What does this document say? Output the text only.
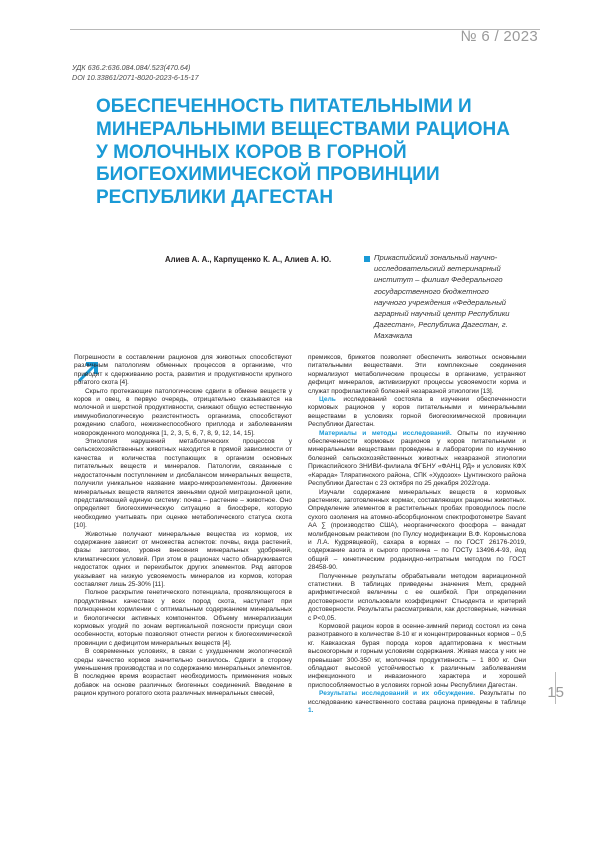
№ 6 / 2023
УДК 636.2:636.084.084/.523(470.64)
DOI 10.33861/2071-8020-2023-6-15-17
ОБЕСПЕЧЕННОСТЬ ПИТАТЕЛЬНЫМИ И МИНЕРАЛЬНЫМИ ВЕЩЕСТВАМИ РАЦИОНА У МОЛОЧНЫХ КОРОВ В ГОРНОЙ БИОГЕОХИМИЧЕСКОЙ ПРОВИНЦИИ РЕСПУБЛИКИ ДАГЕСТАН
Алиев А. А., Карпущенко К. А., Алиев А. Ю.	Прикаспийский зональный научно-исследовательский ветеринарный институт – филиал Федерального государственного бюджетного научного учреждения «Федеральный аграрный научный центр Республики Дагестан», Республика Дагестан, г. Махачкала

Погрешности в составлении рационов для животных способствуют различным патологиям обменных процессов в организме, что приводит к сдерживанию роста, развития и продуктивности крупного рогатого скота [4].

Скрыто протекающие патологические сдвиги в обмене веществ у коров и овец, в первую очередь, отрицательно сказываются на молочной и шерстной продуктивности, снижают общую естественную иммунобиологическую резистентность организма, способствуют рождению слабого, нежизнеспособного приплода и заболеваниям новорожденного молодняка [1, 2, 3, 5, 6, 7, 8, 9, 12, 14, 15].

Этиология нарушений метаболических процессов у сельскохозяйственных животных находится в прямой зависимости от качества и количества поступающих в организм основных питательных веществ и минералов. Патологии, связанные с недостаточным поступлением и дисбалансом минеральных веществ, получили уникальное название макро-микроэлементозы. Движение минеральных веществ является звеньями одной миграционной цепи, представляющей единую систему: почва – растение – животное. Оно определяет биогеохимическую ситуацию в биосфере, которую необходимо учитывать при оценке метаболического статуса скота [10].

Животные получают минеральные вещества из кормов, их содержание зависит от множества аспектов: почвы, вида растений, фазы заготовки, уровня внесения минеральных удобрений, климатических условий. При этом в рационах часто обнаруживается недостаток одних и переизбыток других элементов. Ряд авторов указывает на низкую усвояемость минералов из кормов, которая составляет лишь 25-30% [11].

Полное раскрытие генетического потенциала, проявляющегося в продуктивных качествах у всех пород скота, наступает при полноценном кормлении с оптимальным содержанием минеральных и биологически активных компонентов. Объему минерализации кормовых угодий по зонам вертикальной поясности присущи свои особенности, которые позволяют отнести регион к биогеохимической провинции с дефицитом минеральных веществ [4].

В современных условиях, в связи с ухудшением экологической среды качество кормов значительно снизилось. Сдвиги в сторону уменьшения производства и по содержанию минеральных элементов. В последнее время возрастает необходимость применения новых добавок на основе различных биогенных соединений. Введение в рацион крупного рогатого скота различных минеральных смесей,

премиксов, брикетов позволяет обеспечить животных основными питательными веществами. Эти комплексные соединения нормализуют метаболические процессы в организме, устраняют дефицит минералов, активизируют процессы усвояемости корма и служат профилактикой болезней незаразной этиологии [13].

Цель исследований состояла в изучении обеспеченности кормовых рационов у коров питательными и минеральными веществами в условиях горной биогеохимической провинции Республики Дагестан.

Материалы и методы исследований. Опыты по изучению обеспеченности кормовых рационов у коров питательными и минеральными веществами проведены в лаборатории по изучению болезней сельскохозяйственных животных незаразной этиологии Прикаспийского ЗНИВИ-филиала ФГБНУ «ФАНЦ РД» и условиях КФХ «Карада» Тляратинского района, СПК «Худозох» Цунтинского района Республики Дагестан с 23 октября по 25 декабря 2022года.

Изучали содержание минеральных веществ в кормовых растениях, заготовленных кормах, составляющих рационы животных. Определение элементов в растительных пробах проводилось после сухого озоления на атомно-абсорбционном спектрофотометре Savant AA ∑ (производство США), неорганического фосфора – ванадат молибденовым реактивом (по Пулсу модификации В.Ф. Коромыслова и Л.А. Кудрявцевой), сахара в кормах – по ГОСТ 26176-2019, содержание азота и сырого протеина – по ГОСТу 13496.4-93, йод общий – кинетическим роданидно-нитратным методом по ГОСТ 28458-90.

Полученные результаты обрабатывали методом вариационной статистики. В таблицах приведены значения M±m, средней арифметической величины с ее ошибкой. При определении достоверности использовали коэффициент Стьюдента и критерий достоверности. Результаты рассматривали, как достоверные, начиная с P<0,05.

Кормовой рацион коров в осенне-зимний период состоял из сена разнотравного в количестве 8-10 кг и концентрированных кормов – 0,5 кг. Кавказская бурая порода коров адаптирована к местным высокогорным и горным условиям содержания. Живая масса у них не превышает 300-350 кг, молочная продуктивность – 1 800 кг. Они обладают высокой устойчивостью к различным заболеваниям инфекционного и инвазионного характера и хорошей приспособляемостью в условиях горной зоны Республики Дагестан.

Результаты исследований и их обсуждение. Результаты по исследованию качественного состава рациона приведены в таблице 1.

15
